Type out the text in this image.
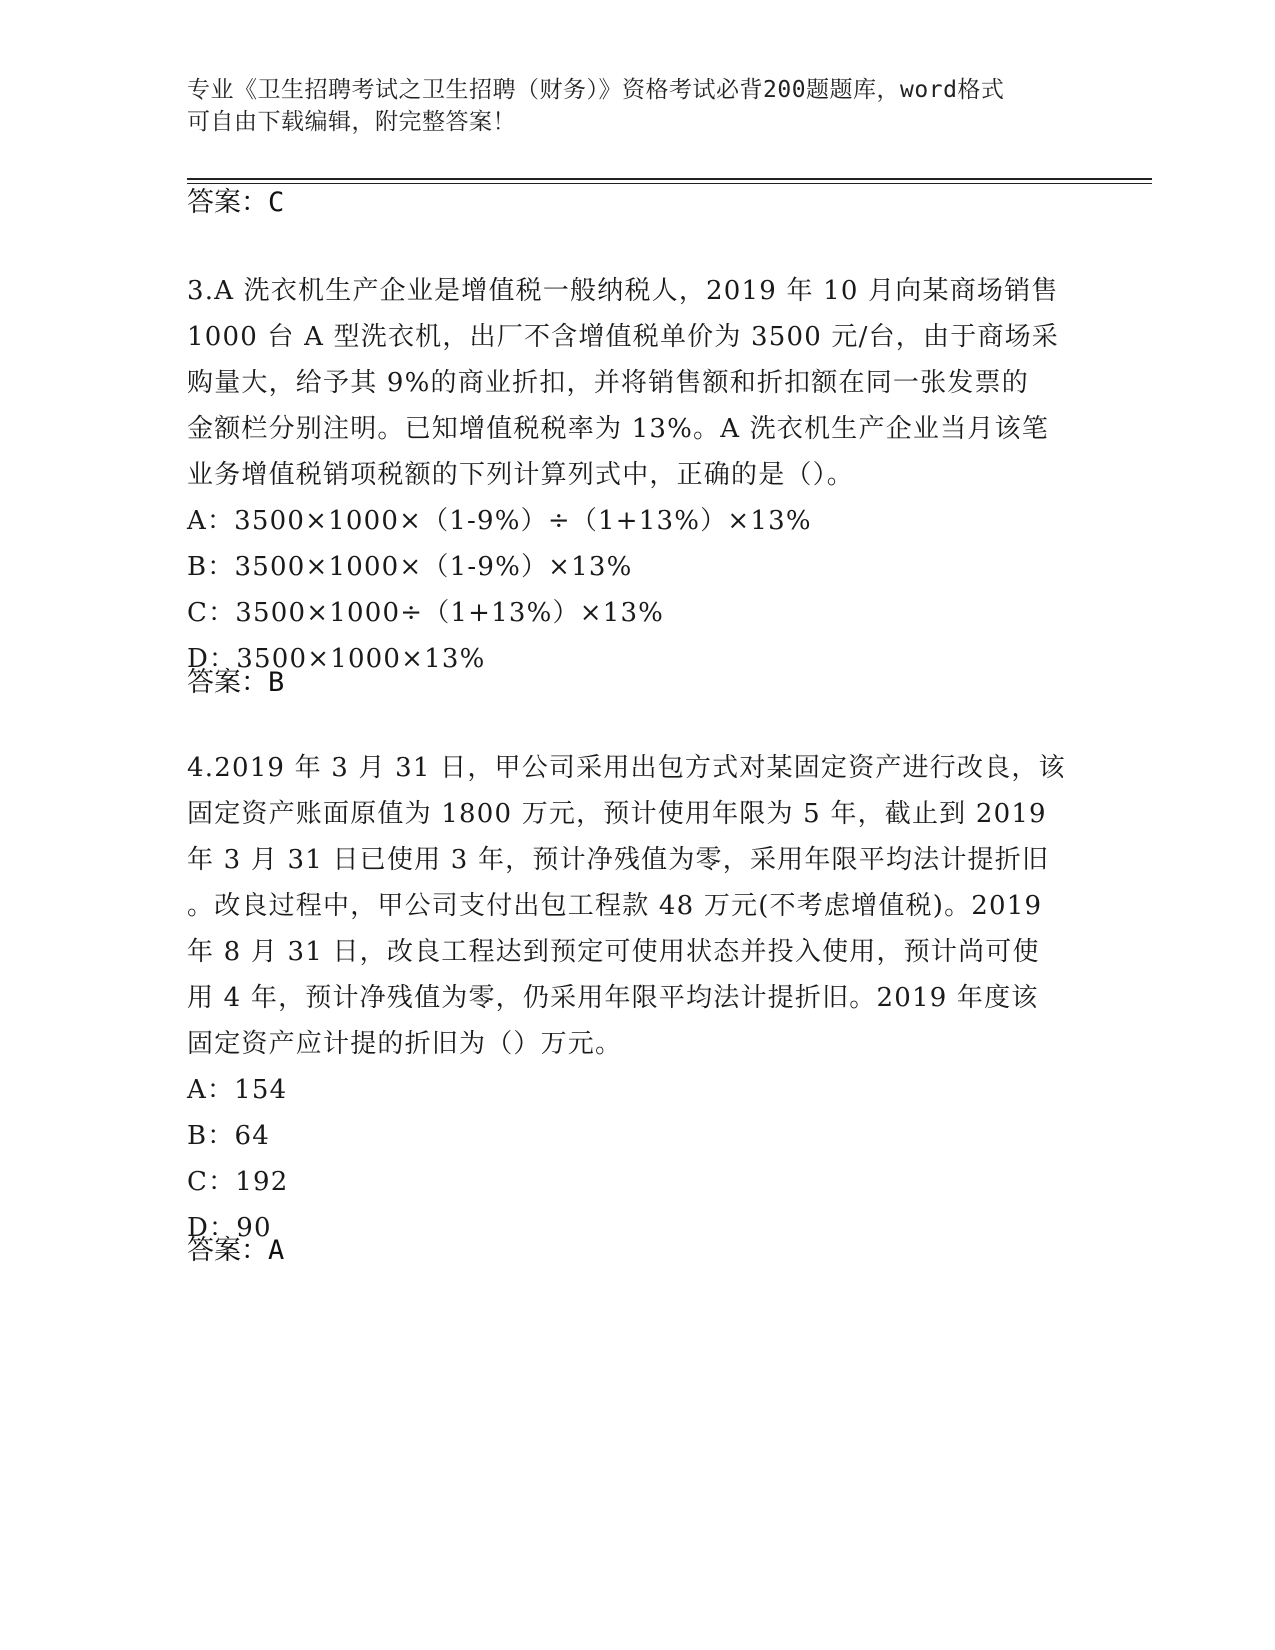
专业《卫生招聘考试之卫生招聘（财务）》资格考试必背200题题库，word格式
可自由下载编辑，附完整答案！
答案：C
3.A 洗衣机生产企业是增值税一般纳税人，2019 年 10 月向某商场销售
1000 台 A 型洗衣机，出厂不含增值税单价为 3500 元/台，由于商场采
购量大，给予其 9%的商业折扣，并将销售额和折扣额在同一张发票的
金额栏分别注明。已知增值税税率为 13%。A 洗衣机生产企业当月该笔
业务增值税销项税额的下列计算列式中，正确的是（）。
A：3500×1000×（1-9%）÷（1+13%）×13%
B：3500×1000×（1-9%）×13%
C：3500×1000÷（1+13%）×13%
D：3500×1000×13%
答案：B
4.2019 年 3 月 31 日，甲公司采用出包方式对某固定资产进行改良，该
固定资产账面原值为 1800 万元，预计使用年限为 5 年，截止到 2019
年 3 月 31 日已使用 3 年，预计净残值为零，采用年限平均法计提折旧
。改良过程中，甲公司支付出包工程款 48 万元(不考虑增值税)。2019
年 8 月 31 日，改良工程达到预定可使用状态并投入使用，预计尚可使
用 4 年，预计净残值为零，仍采用年限平均法计提折旧。2019 年度该
固定资产应计提的折旧为（）万元。
A：154
B：64
C：192
D：90
答案：A
